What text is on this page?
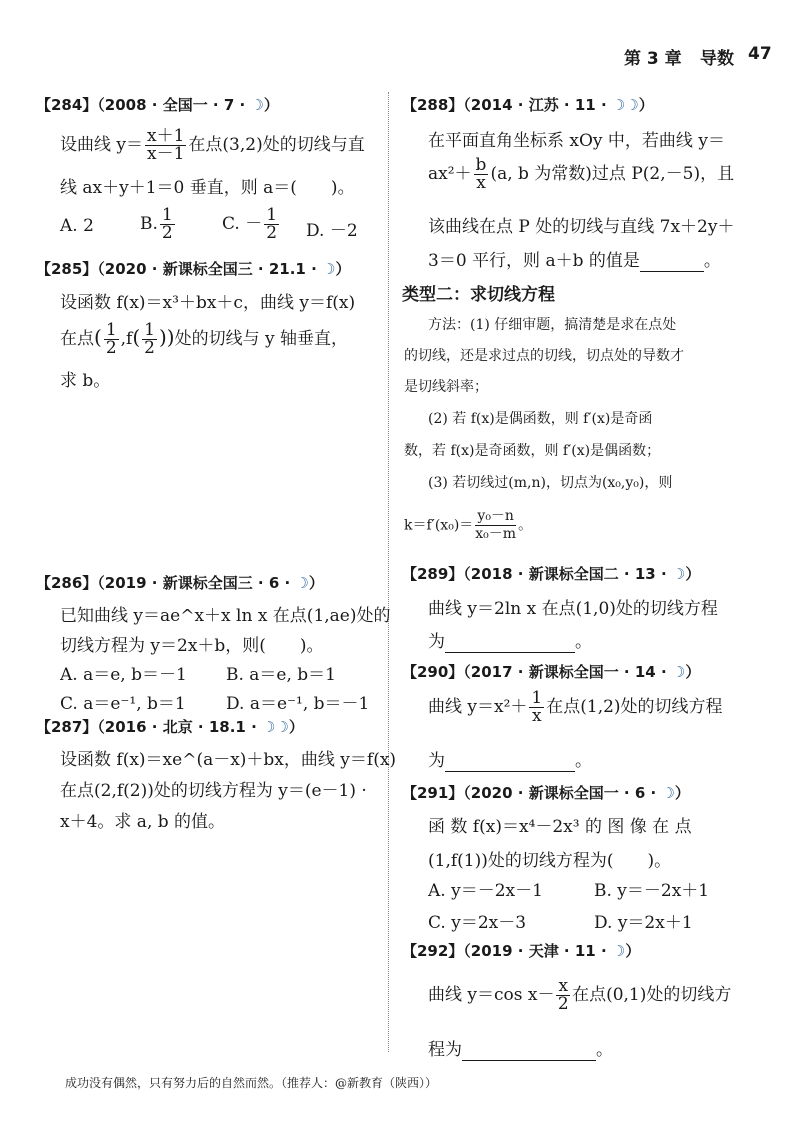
第 3 章 导数 47
【284】（2008 · 全国一 · 7 · ☽）
设曲线 $y= \frac{x+1}{x-1}$ 在点(3,2)处的切线与直
线 ax＋y＋1＝0 垂直，则 a＝(　　)。
A. 2	B. $\frac{1}{2}$	C. － $\frac{1}{2} D$. －2
【285】（2020 · 新课标全国三 · 21.1 · ☽）
设函数 f(x)＝x³＋bx＋c，曲线 y＝f(x)
在点( $\frac{1}{2} ,f( \frac{1}{2}$ ))处的切线与 y 轴垂直，
求 b。
【286】（2019 · 新课标全国三 · 6 · ☽）
已知曲线 y＝ae^x＋x ln x 在点(1,ae)处的
切线方程为 y＝2x＋b，则(　　)。
A. a＝e, b＝－1 B. a＝e, b＝1
C. a＝e⁻¹, b＝1 D. a＝e⁻¹, b＝－1
【287】（2016 · 北京 · 18.1 · ☽☽）
设函数 f(x)＝xe^(a－x)＋bx，曲线 y＝f(x)
在点(2,f(2))处的切线方程为 y＝(e－1) ·
x＋4。求 a, b 的值。
【288】（2014 · 江苏 · 11 · ☽☽）
在平面直角坐标系 xOy 中，若曲线 y＝
$ax^2+ \frac{b}{x} (a$, b 为常数)过点 P(2,－5)，且
该曲线在点 P 处的切线与直线 7x＋2y＋
3＝0 平行，则 a＋b 的值是	。
类型二：求切线方程
方法：(1) 仔细审题，搞清楚是求在点处
的切线，还是求过点的切线，切点处的导数才
是切线斜率；
(2) 若 f(x)是偶函数，则 f′(x)是奇函
数，若 f(x)是奇函数，则 f′(x)是偶函数；
(3) 若切线过(m,n)，切点为(x₀,y₀)，则
$k=f'(x_0)= \frac{\text{y₀－n}}{\text{x₀－m}}$ 。
【289】（2018 · 新课标全国二 · 13 · ☽）
曲线 y＝2ln x 在点(1,0)处的切线方程
为	。
【290】（2017 · 新课标全国一 · 14 · ☽）
曲线 $y=x^2+ \frac{1}{x}$ 在点(1,2)处的切线方程
为	。
【291】（2020 · 新课标全国一 · 6 · ☽）
函 数 f(x)＝x⁴－2x³ 的 图 像 在 点
(1,f(1))处的切线方程为(　　)。
A. y＝－2x－1	B. y＝－2x＋1
C. y＝2x－3	D. y＝2x＋1
【292】（2019 · 天津 · 11 · ☽）
曲线 y＝cos $x- \frac{x}{2}$ 在点(0,1)处的切线方
程为	。
成功没有偶然，只有努力后的自然而然。（推荐人：@新教育（陕西））
